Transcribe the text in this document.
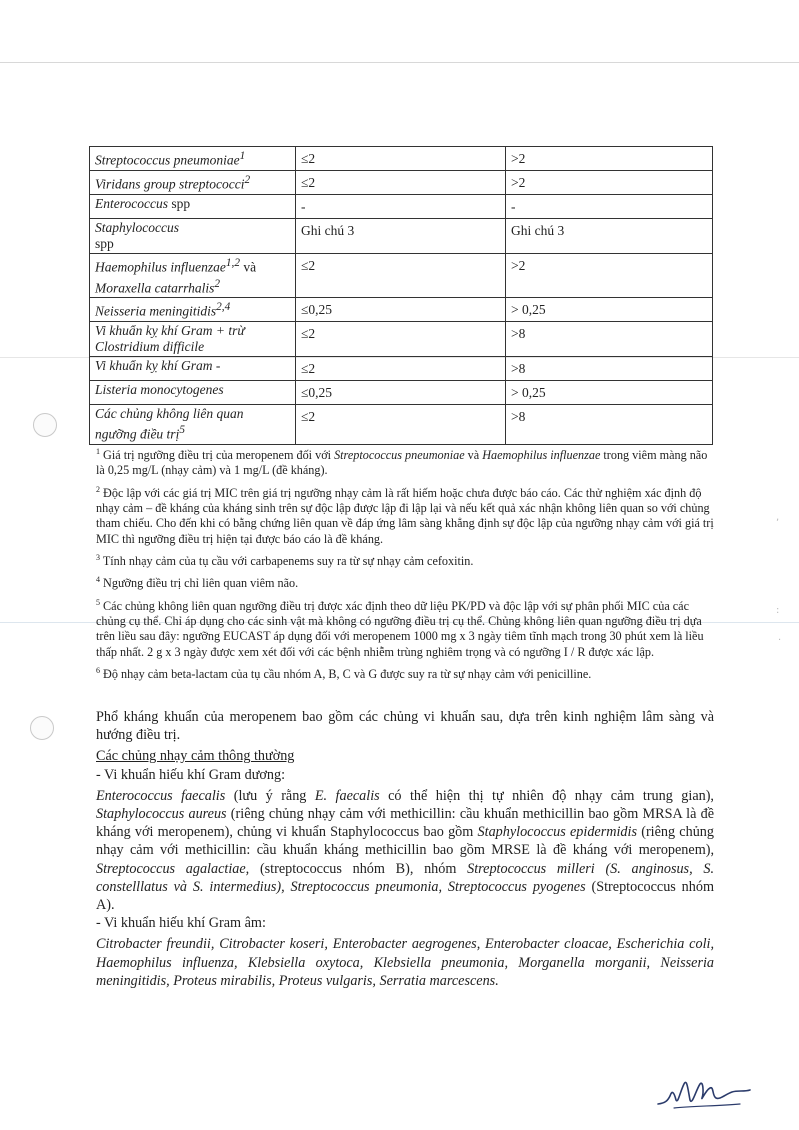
,
:
.
Streptococcus pneumoniae$^1$	≤2	>2
Viridans group streptococci$^2$	≤2	>2
Enterococcus spp	-	-
Staphylococcus
spp	Ghi chú 3	Ghi chú 3
Haemophilus influenzae$^{1,2}$ và
Moraxella catarrhalis$^2$	≤2	>2
Neisseria meningitidis$^{2,4}$	≤0,25	> 0,25
Vi khuẩn kỵ khí Gram + trừ
Clostridium difficile	≤2	>8
Vi khuẩn kỵ khí Gram -	≤2	>8
Listeria monocytogenes	≤0,25	> 0,25
Các chủng không liên quan
ngưỡng điều trị$^5$	≤2	>8

$^1$ Giá trị ngưỡng điều trị của meropenem đối với Streptococcus pneumoniae và Haemophilus influenzae trong viêm màng não là 0,25 mg/L (nhạy cảm) và 1 mg/L (đề kháng).

$^2$ Độc lập với các giá trị MIC trên giá trị ngưỡng nhạy cảm là rất hiếm hoặc chưa được báo cáo. Các thử nghiệm xác định độ nhạy cảm – đề kháng của kháng sinh trên sự độc lập được lập đi lập lại và nếu kết quả xác nhận không liên quan so với chủng tham chiếu. Cho đến khi có bằng chứng liên quan về đáp ứng lâm sàng khẳng định sự độc lập của ngưỡng nhạy cảm với giá trị MIC thì ngưỡng điều trị hiện tại được báo cáo là đề kháng.

$^3$ Tính nhạy cảm của tụ cầu với carbapenems suy ra từ sự nhạy cảm cefoxitin.

$^4$ Ngưỡng điều trị chỉ liên quan viêm não.

$^5$ Các chủng không liên quan ngưỡng điều trị được xác định theo dữ liệu PK/PD và độc lập với sự phân phối MIC của các chủng cụ thể. Chỉ áp dụng cho các sinh vật mà không có ngưỡng điều trị cụ thể. Chủng không liên quan ngưỡng điều trị dựa trên liều sau đây: ngưỡng EUCAST áp dụng đối với meropenem 1000 mg x 3 ngày tiêm tĩnh mạch trong 30 phút xem là liều thấp nhất. 2 g x 3 ngày được xem xét đối với các bệnh nhiễm trùng nghiêm trọng và có ngưỡng I / R được xác lập.

$^6$ Độ nhạy cảm beta-lactam của tụ cầu nhóm A, B, C và G được suy ra từ sự nhạy cảm với penicilline.

Phổ kháng khuẩn của meropenem bao gồm các chủng vi khuẩn sau, dựa trên kinh nghiệm lâm sàng và hướng điều trị.

Các chủng nhạy cảm thông thường

- Vi khuẩn hiếu khí Gram dương:

Enterococcus faecalis (lưu ý rằng E. faecalis có thể hiện thị tự nhiên độ nhạy cảm trung gian), Staphylococcus aureus (riêng chủng nhạy cảm với methicillin: cầu khuẩn methicillin bao gồm MRSA là đề kháng với meropenem), chủng vi khuẩn Staphylococcus bao gồm Staphylococcus epidermidis (riêng chủng nhạy cảm với methicillin: cầu khuẩn kháng methicillin bao gồm MRSE là đề kháng với meropenem), Streptococcus agalactiae, (streptococcus nhóm B), nhóm Streptococcus milleri (S. anginosus, S. constelllatus và S. intermedius), Streptococcus pneumonia, Streptococcus pyogenes (Streptococcus nhóm A).

- Vi khuẩn hiếu khí Gram âm:

Citrobacter freundii, Citrobacter koseri, Enterobacter aegrogenes, Enterobacter cloacae, Escherichia coli, Haemophilus influenza, Klebsiella oxytoca, Klebsiella pneumonia, Morganella morganii, Neisseria meningitidis, Proteus mirabilis, Proteus vulgaris, Serratia marcescens.
